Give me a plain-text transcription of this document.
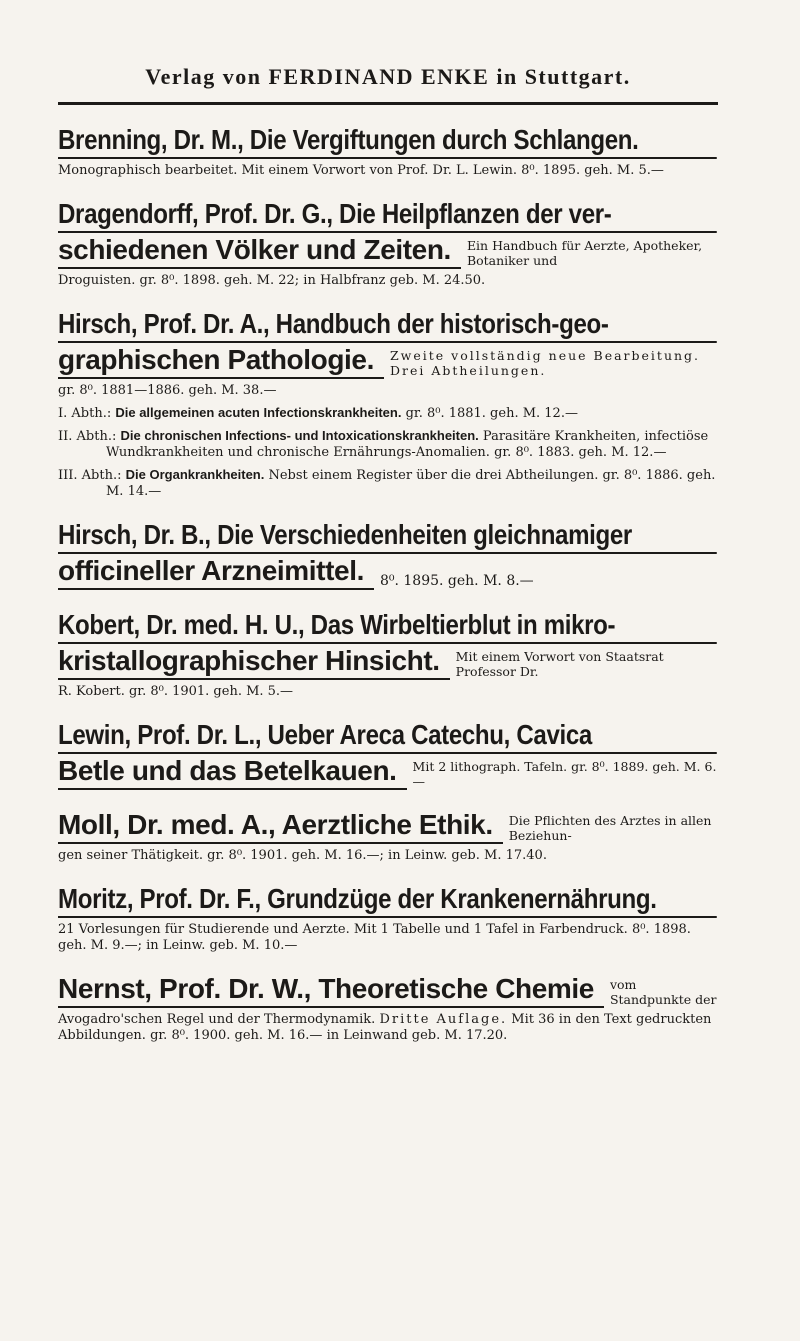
Verlag von FERDINAND ENKE in Stuttgart.
Brenning, Dr. M., Die Vergiftungen durch Schlangen.
Monographisch bearbeitet. Mit einem Vorwort von Prof. Dr. L. Lewin. 8⁰. 1895. geh. M. 5.—
Dragendorff, Prof. Dr. G., Die Heilpflanzen der ver-
schiedenen Völker und Zeiten.	Ein Handbuch für Aerzte, Apotheker, Botaniker und
Droguisten. gr. 8⁰. 1898. geh. M. 22; in Halbfranz geb. M. 24.50.
Hirsch, Prof. Dr. A., Handbuch der historisch-geo-
graphischen Pathologie.	Zweite vollständig neue Bearbeitung. Drei Abtheilungen.
gr. 8⁰. 1881—1886. geh. M. 38.—
I. Abth.: Die allgemeinen acuten Infectionskrankheiten. gr. 8⁰. 1881. geh. M. 12.—
II. Abth.: Die chronischen Infections- und Intoxicationskrankheiten. Parasitäre Krankheiten, infectiöse Wundkrankheiten und chronische Ernährungs-Anomalien. gr. 8⁰. 1883. geh. M. 12.—
III. Abth.: Die Organkrankheiten. Nebst einem Register über die drei Abtheilungen. gr. 8⁰. 1886. geh. M. 14.—
Hirsch, Dr. B., Die Verschiedenheiten gleichnamiger
officineller Arzneimittel.	8⁰. 1895. geh. M. 8.—
Kobert, Dr. med. H. U., Das Wirbeltierblut in mikro-
kristallographischer Hinsicht.	Mit einem Vorwort von Staatsrat Professor Dr.
R. Kobert. gr. 8⁰. 1901. geh. M. 5.—
Lewin, Prof. Dr. L., Ueber Areca Catechu, Cavica
Betle und das Betelkauen.	Mit 2 lithograph. Tafeln. gr. 8⁰. 1889. geh. M. 6.—
Moll, Dr. med. A., Aerztliche Ethik.	Die Pflichten des Arztes in allen Beziehun-
gen seiner Thätigkeit. gr. 8⁰. 1901. geh. M. 16.—; in Leinw. geb. M. 17.40.
Moritz, Prof. Dr. F., Grundzüge der Krankenernährung.
21 Vorlesungen für Studierende und Aerzte. Mit 1 Tabelle und 1 Tafel in Farbendruck. 8⁰. 1898. geh. M. 9.—; in Leinw. geb. M. 10.—
Nernst, Prof. Dr. W., Theoretische Chemie	vom Standpunkte der
Avogadro'schen Regel und der Thermodynamik. Dritte Auflage. Mit 36 in den Text gedruckten Abbildungen. gr. 8⁰. 1900. geh. M. 16.— in Leinwand geb. M. 17.20.
